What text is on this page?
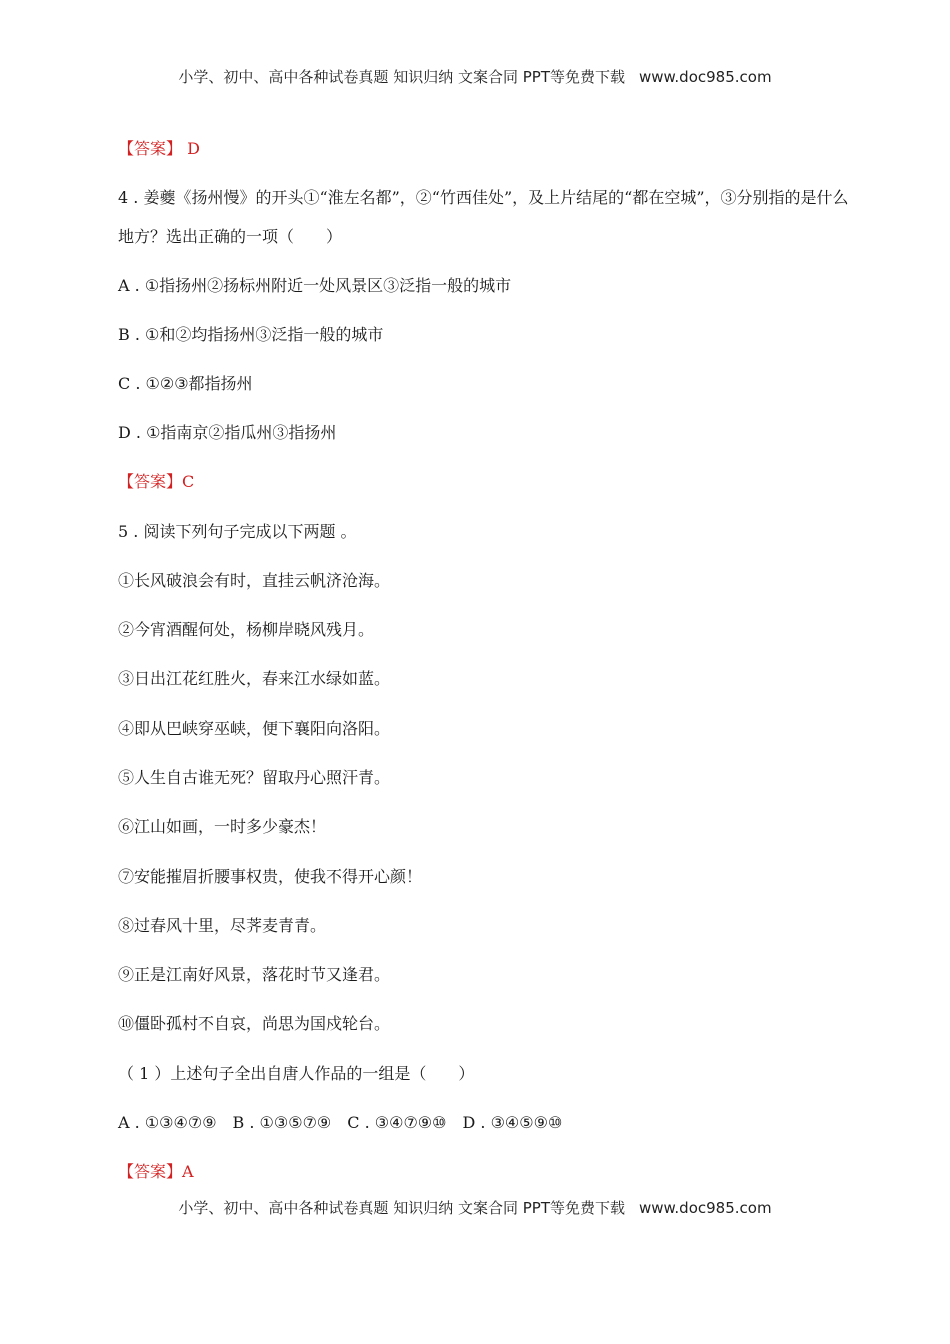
小学、初中、高中各种试卷真题 知识归纳 文案合同 PPT等免费下载 www.doc985.com
【答案】 D
4 . 姜夔《扬州慢》的开头①“淮左名都”，②“竹西佳处”，及上片结尾的“都在空城”，③分别指的是什么地方？选出正确的一项（　　）
A . ①指扬州②扬标州附近一处风景区③泛指一般的城市
B . ①和②均指扬州③泛指一般的城市
C . ①②③都指扬州
D . ①指南京②指瓜州③指扬州
【答案】C
5 . 阅读下列句子完成以下两题 。
①长风破浪会有时，直挂云帆济沧海。
②今宵酒醒何处，杨柳岸晓风残月。
③日出江花红胜火，春来江水绿如蓝。
④即从巴峡穿巫峡，便下襄阳向洛阳。
⑤人生自古谁无死？留取丹心照汗青。
⑥江山如画，一时多少豪杰！
⑦安能摧眉折腰事权贵，使我不得开心颜！
⑧过春风十里，尽荠麦青青。
⑨正是江南好风景，落花时节又逢君。
⑩僵卧孤村不自哀，尚思为国戍轮台。
（ 1 ）上述句子全出自唐人作品的一组是（　　）
A . ①③④⑦⑨　B . ①③⑤⑦⑨　C . ③④⑦⑨⑩　D . ③④⑤⑨⑩
【答案】A
小学、初中、高中各种试卷真题 知识归纳 文案合同 PPT等免费下载 www.doc985.com
